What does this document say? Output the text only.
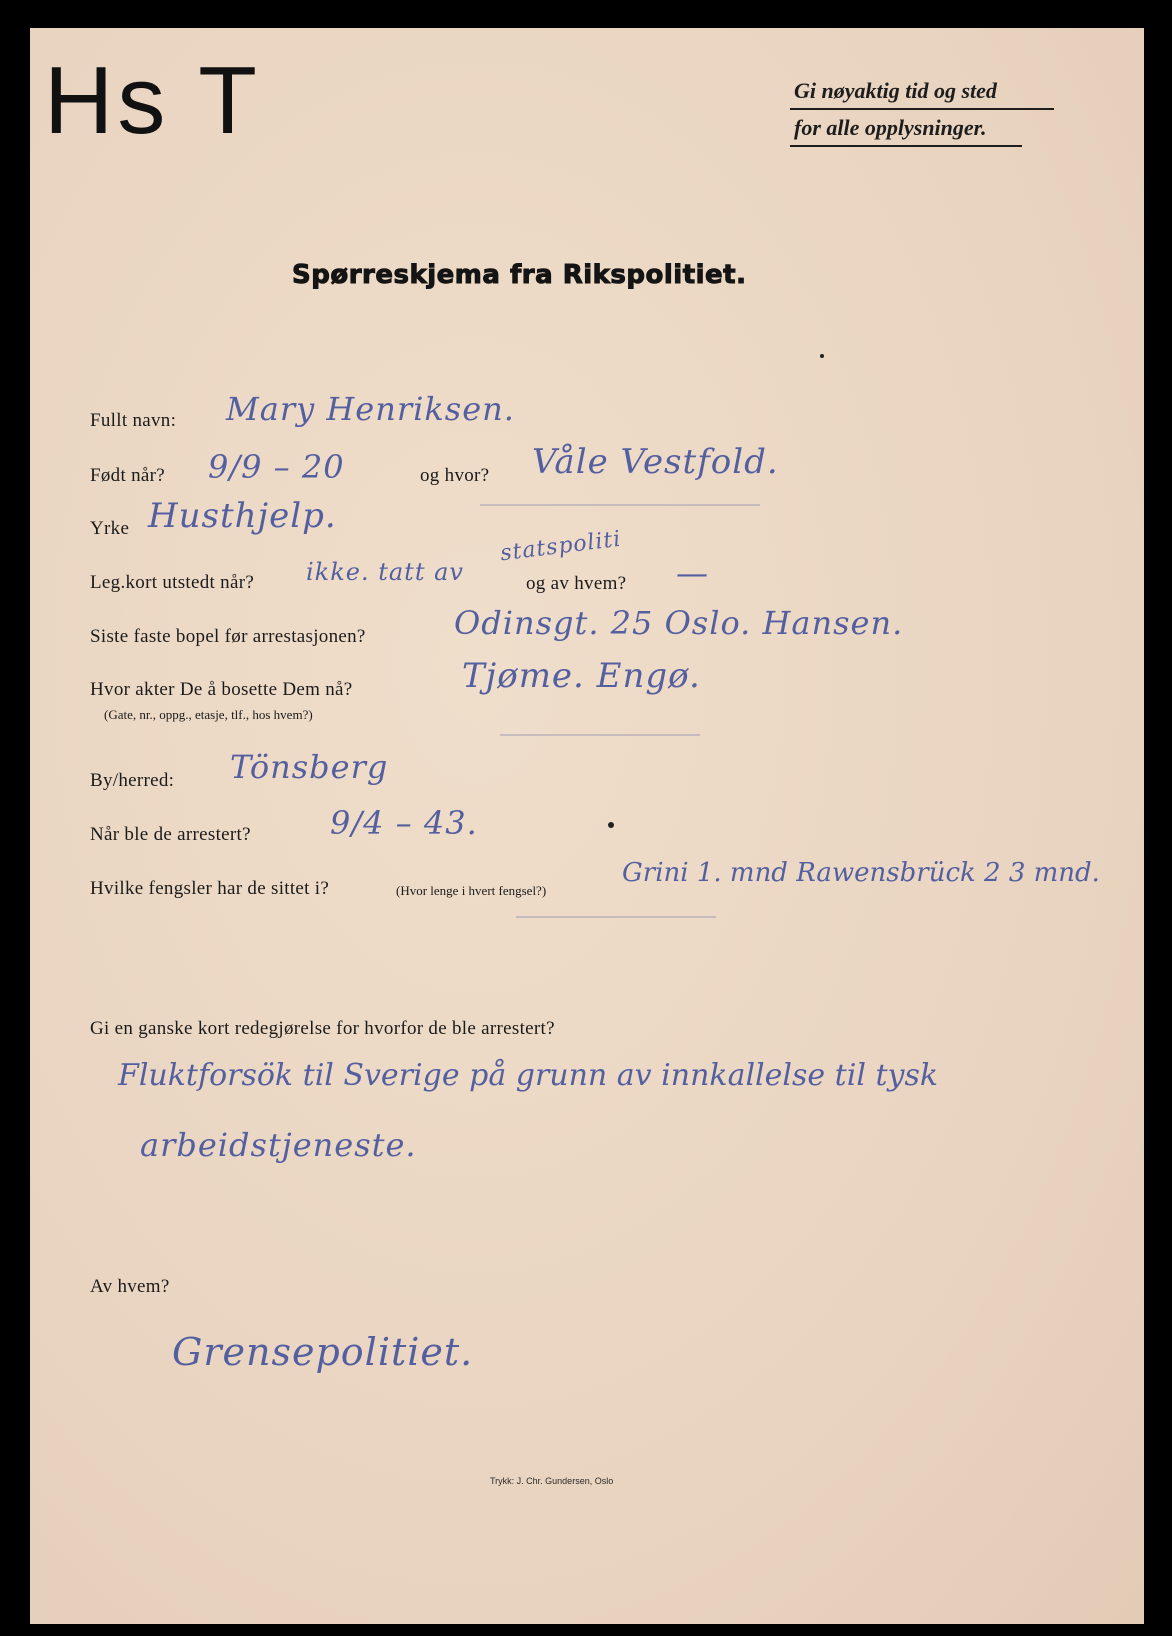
Hs T	Gi nøyaktig tid og sted
for alle opplysninger.
Spørreskjema fra Rikspolitiet.
Fullt navn: Mary Henriksen.
Født når? 9/9 – 20	og hvor? Våle Vestfold.
Yrke Husthjelp.
Leg.kort utstedt når? ikke. tatt av
statspoliti
og av hvem? —
Siste faste bopel før arrestasjonen?	Odinsgt. 25 Oslo. Hansen.
Hvor akter De å bosette Dem nå?
(Gate, nr., oppg., etasje, tlf., hos hvem?)
Tjøme. Engø.
By/herred: Tönsberg
Når ble de arrestert? 9/4 – 43.
Hvilke fengsler har de sittet i?	(Hvor lenge i hvert fengsel?)
Grini 1. mnd Rawensbrück 2 3 mnd.
Gi en ganske kort redegjørelse for hvorfor de ble arrestert?
Fluktforsök til Sverige på grunn av innkallelse til tysk
arbeidstjeneste.
Av hvem?
Grensepolitiet.
Trykk: J. Chr. Gundersen, Oslo
